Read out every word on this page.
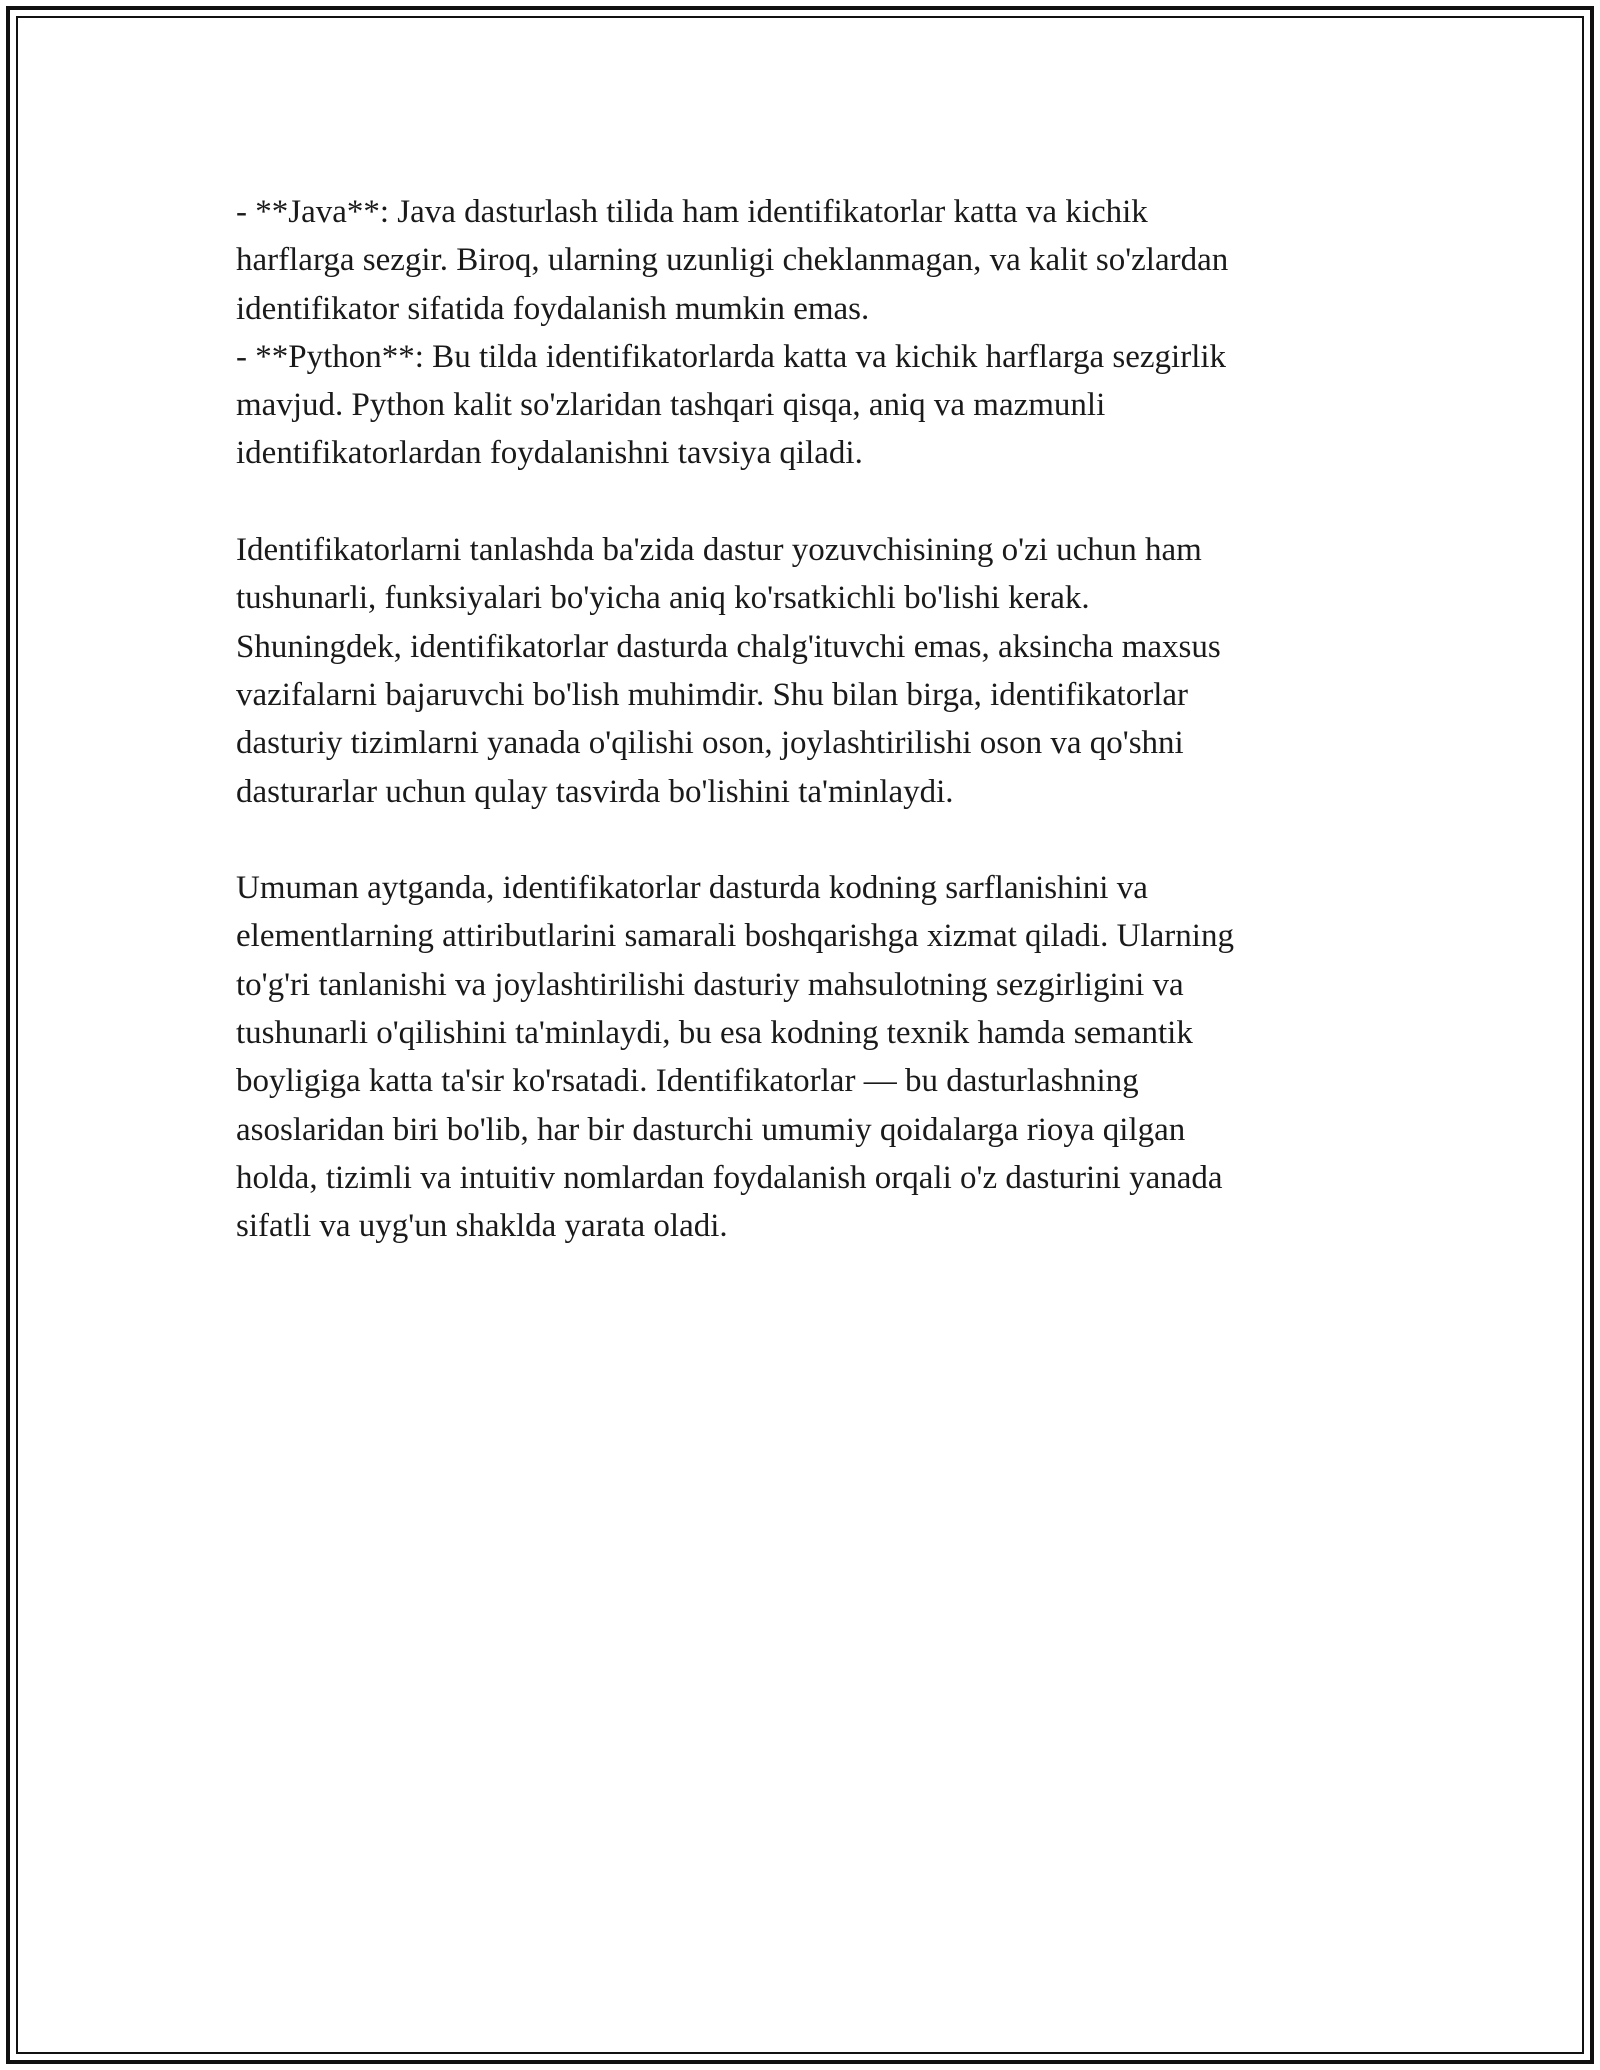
- **Java**: Java dasturlash tilida ham identifikatorlar katta va kichik
harflarga sezgir. Biroq, ularning uzunligi cheklanmagan, va kalit so'zlardan
identifikator sifatida foydalanish mumkin emas.
- **Python**: Bu tilda identifikatorlarda katta va kichik harflarga sezgirlik
mavjud. Python kalit so'zlaridan tashqari qisqa, aniq va mazmunli
identifikatorlardan foydalanishni tavsiya qiladi.

Identifikatorlarni tanlashda ba'zida dastur yozuvchisining o'zi uchun ham
tushunarli, funksiyalari bo'yicha aniq ko'rsatkichli bo'lishi kerak.
Shuningdek, identifikatorlar dasturda chalg'ituvchi emas, aksincha maxsus
vazifalarni bajaruvchi bo'lish muhimdir. Shu bilan birga, identifikatorlar
dasturiy tizimlarni yanada o'qilishi oson, joylashtirilishi oson va qo'shni
dasturarlar uchun qulay tasvirda bo'lishini ta'minlaydi.

Umuman aytganda, identifikatorlar dasturda kodning sarflanishini va
elementlarning attiributlarini samarali boshqarishga xizmat qiladi. Ularning
to'g'ri tanlanishi va joylashtirilishi dasturiy mahsulotning sezgirligini va
tushunarli o'qilishini ta'minlaydi, bu esa kodning texnik hamda semantik
boyligiga katta ta'sir ko'rsatadi. Identifikatorlar — bu dasturlashning
asoslaridan biri bo'lib, har bir dasturchi umumiy qoidalarga rioya qilgan
holda, tizimli va intuitiv nomlardan foydalanish orqali o'z dasturini yanada
sifatli va uyg'un shaklda yarata oladi.
